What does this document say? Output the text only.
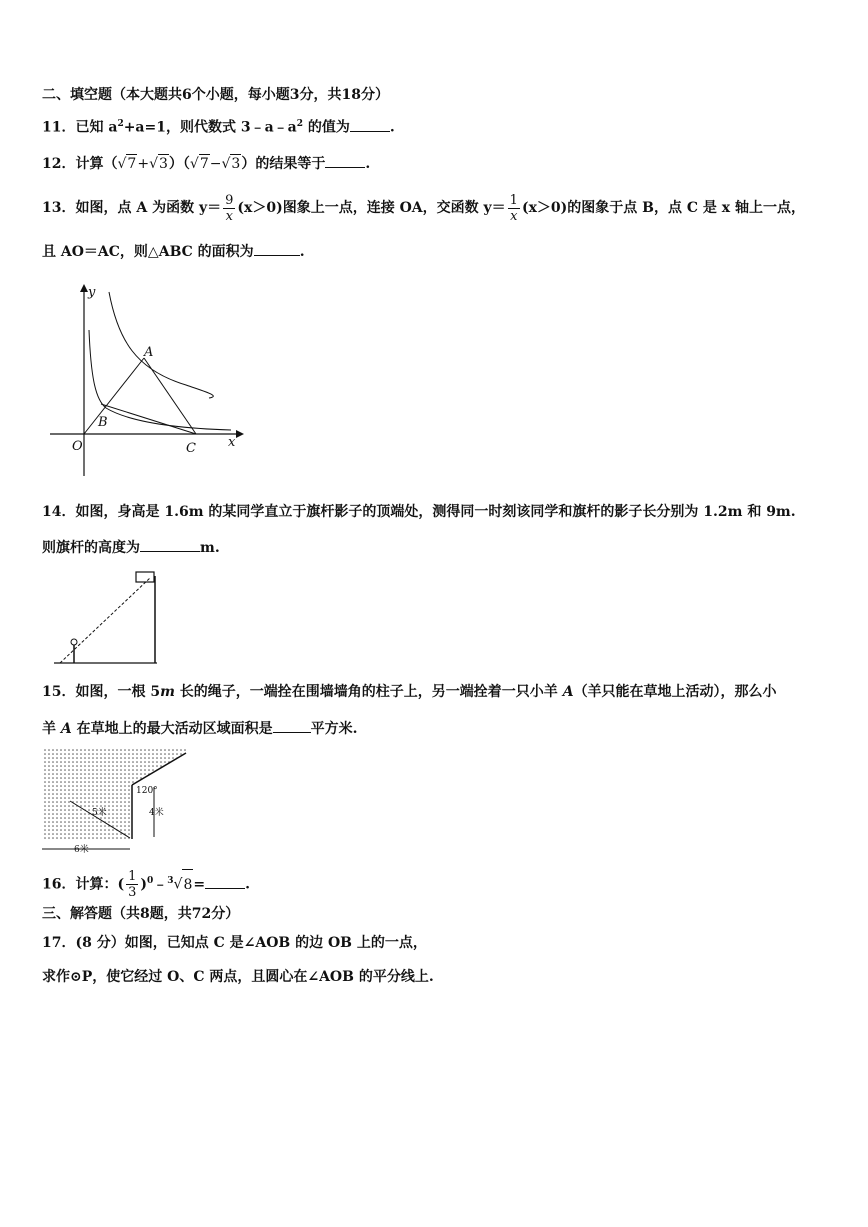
二、填空题（本大题共6个小题，每小题3分，共18分）
11．已知 $a^2+a=1$，则代数式 $3﹣a﹣a^2$ 的值为	.
12．计算（√7+√3）（√7−√3）的结果等于	.
13．如图，点 A 为函数 $y= \frac{9}{x} (x>0)$图象上一点，连接 OA，交函数 $y= \frac{1}{x} (x>0)$的图象于点 B，点 C 是 x 轴上一点，
且 AO＝AC，则△ABC 的面积为	.
y
x
A
B
O	C
14．如图，身高是 1.6m 的某同学直立于旗杆影子的顶端处，测得同一时刻该同学和旗杆的影子长分别为 1.2m 和 9m.
则旗杆的高度为	m.
15．如图，一根 5m 长的绳子，一端拴在围墙墙角的柱子上，另一端拴着一只小羊 A（羊只能在草地上活动），那么小
羊 A 在草地上的最大活动区域面积是	平方米.
120°
5米	4米
6米
16．计算：( $\frac{1}{3}$ )$^0$﹣$^3$√8=	.
三、解答题（共8题，共72分）
17．(8 分）如图，已知点 C 是∠AOB 的边 OB 上的一点，
求作⊙P，使它经过 O、C 两点，且圆心在∠AOB 的平分线上.
